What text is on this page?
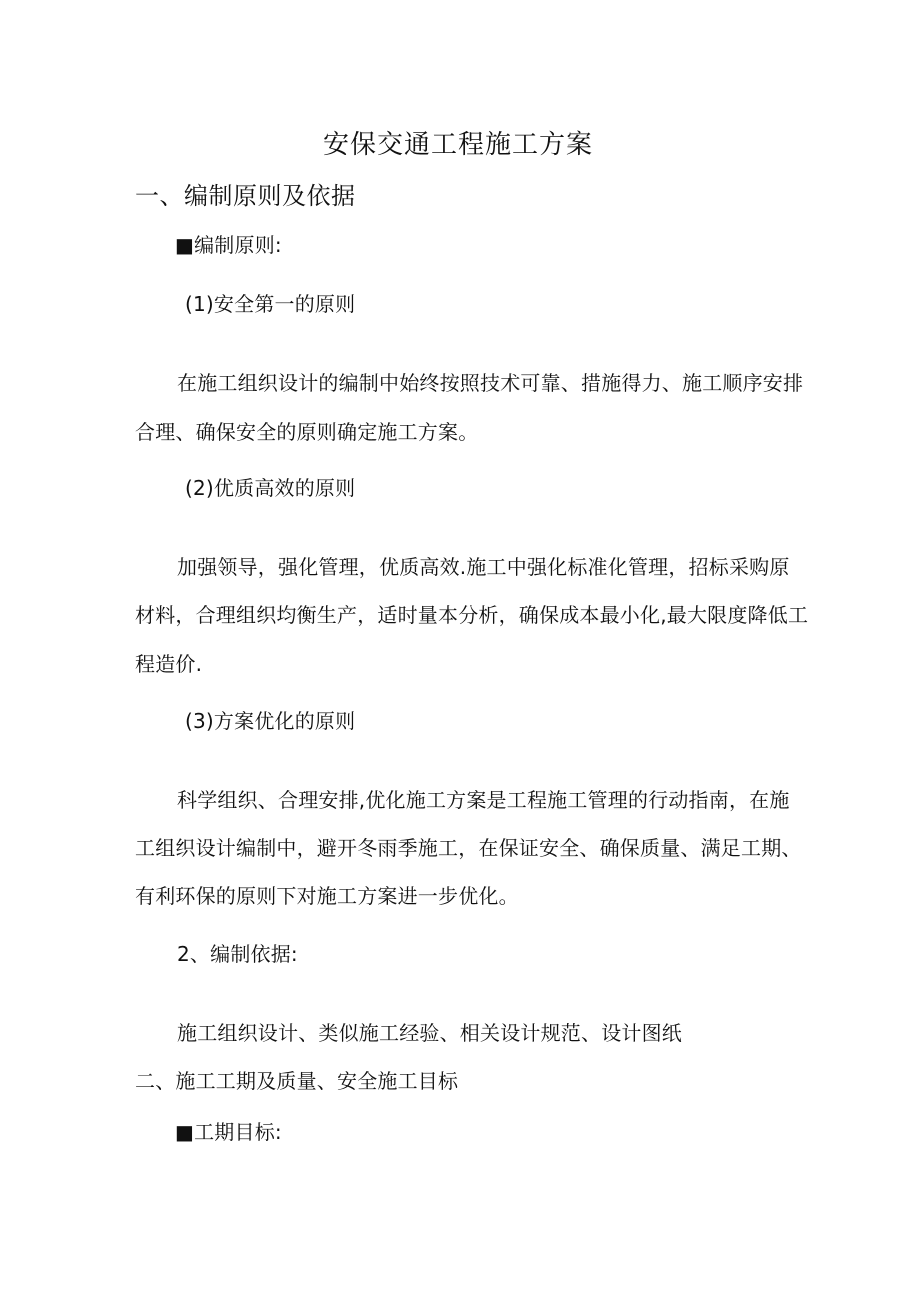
安保交通工程施工方案
一、编制原则及依据
■编制原则:
(1)安全第一的原则
在施工组织设计的编制中始终按照技术可靠、措施得力、施工顺序安排
合理、确保安全的原则确定施工方案。
(2)优质高效的原则
加强领导，强化管理，优质高效.施工中强化标准化管理，招标采购原
材料，合理组织均衡生产，适时量本分析，确保成本最小化,最大限度降低工
程造价.
(3)方案优化的原则
科学组织、合理安排,优化施工方案是工程施工管理的行动指南，在施
工组织设计编制中，避开冬雨季施工，在保证安全、确保质量、满足工期、
有利环保的原则下对施工方案进一步优化。
2、编制依据:
施工组织设计、类似施工经验、相关设计规范、设计图纸
二、施工工期及质量、安全施工目标
■工期目标:
